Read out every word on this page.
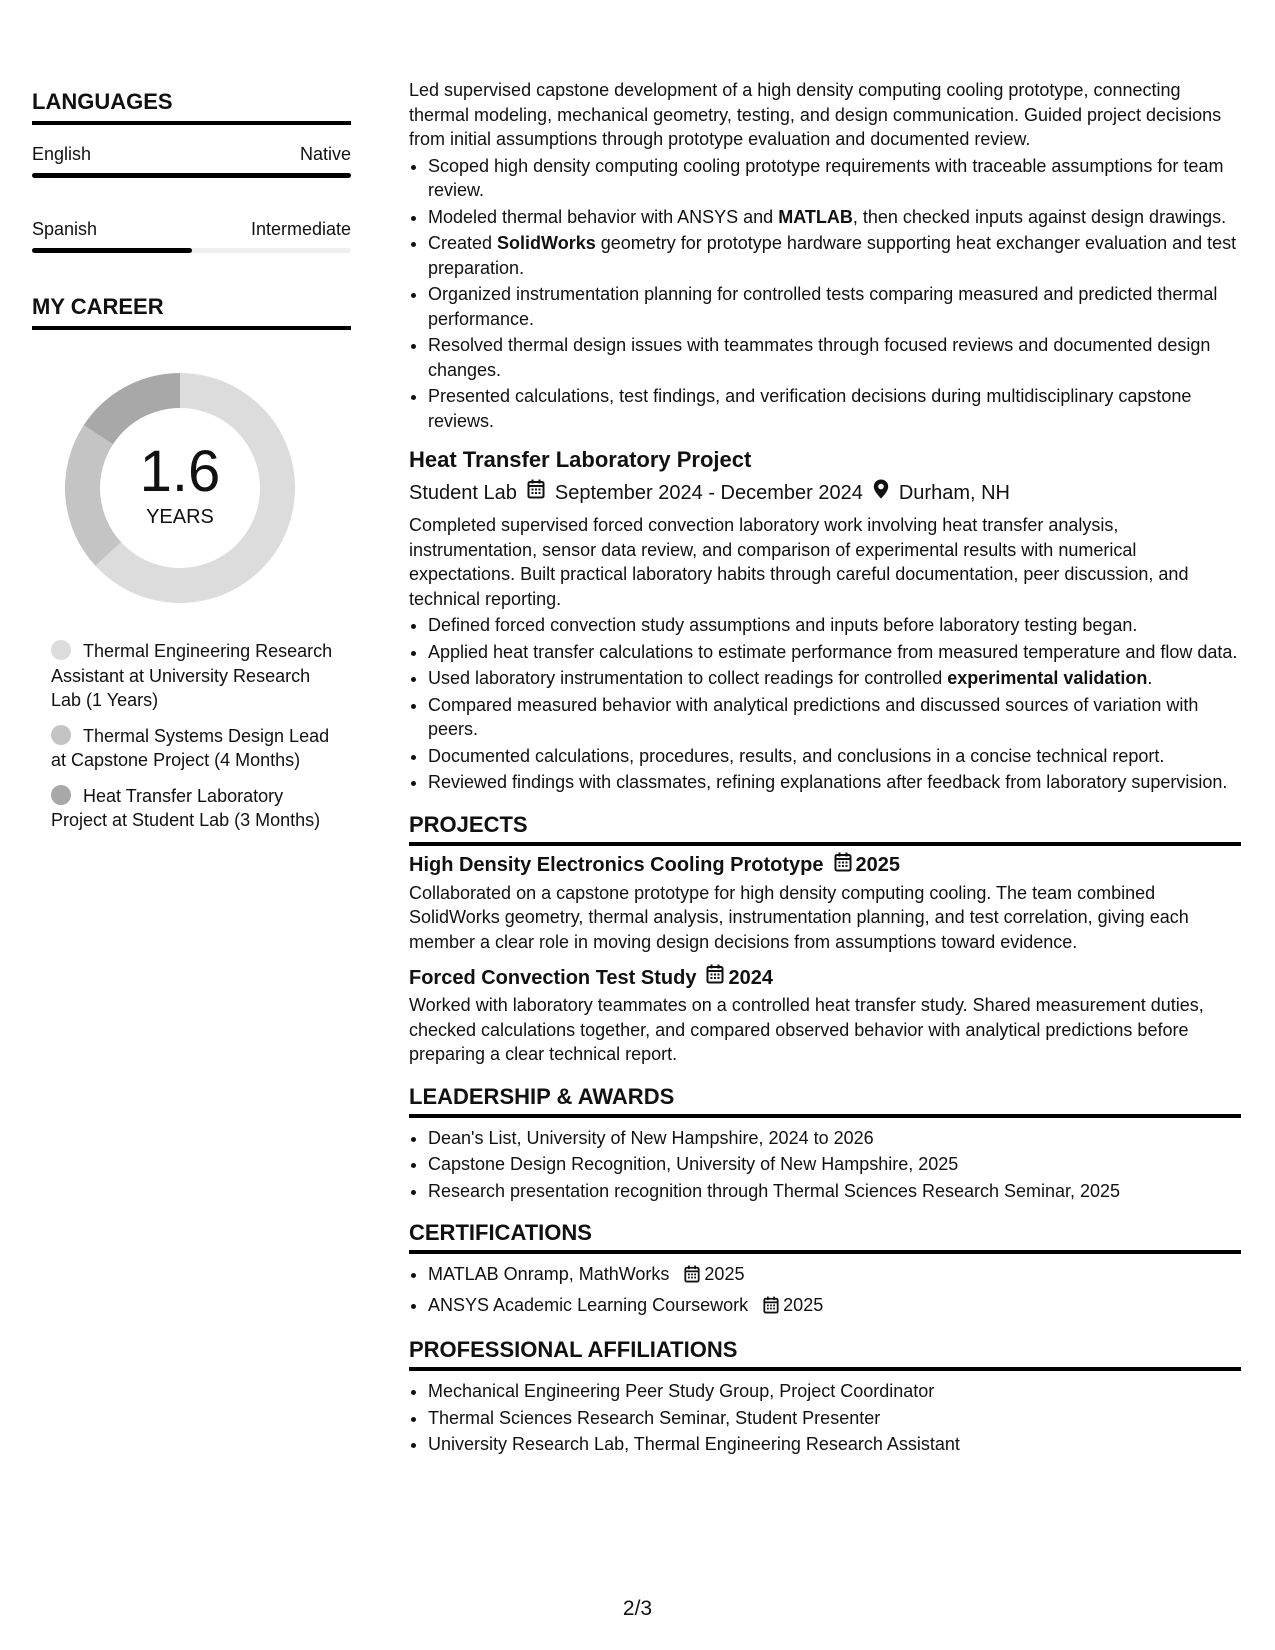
LANGUAGES
English	Native
Spanish	Intermediate
MY CAREER
1.6
YEARS
Thermal Engineering Research Assistant at University Research Lab (1 Years)
Thermal Systems Design Lead at Capstone Project (4 Months)
Heat Transfer Laboratory Project at Student Lab (3 Months)

Led supervised capstone development of a high density computing cooling prototype, connecting thermal modeling, mechanical geometry, testing, and design communication. Guided project decisions from initial assumptions through prototype evaluation and documented review.

• Scoped high density computing cooling prototype requirements with traceable assumptions for team review.
• Modeled thermal behavior with ANSYS and MATLAB, then checked inputs against design drawings.
• Created SolidWorks geometry for prototype hardware supporting heat exchanger evaluation and test preparation.
• Organized instrumentation planning for controlled tests comparing measured and predicted thermal performance.
• Resolved thermal design issues with teammates through focused reviews and documented design changes.
• Presented calculations, test findings, and verification decisions during multidisciplinary capstone reviews.
Heat Transfer Laboratory Project
Student Lab September 2024 - December 2024 Durham, NH

Completed supervised forced convection laboratory work involving heat transfer analysis, instrumentation, sensor data review, and comparison of experimental results with numerical expectations. Built practical laboratory habits through careful documentation, peer discussion, and technical reporting.

• Defined forced convection study assumptions and inputs before laboratory testing began.
• Applied heat transfer calculations to estimate performance from measured temperature and flow data.
• Used laboratory instrumentation to collect readings for controlled experimental validation.
• Compared measured behavior with analytical predictions and discussed sources of variation with peers.
• Documented calculations, procedures, results, and conclusions in a concise technical report.
• Reviewed findings with classmates, refining explanations after feedback from laboratory supervision.
PROJECTS
High Density Electronics Cooling Prototype 2025

Collaborated on a capstone prototype for high density computing cooling. The team combined SolidWorks geometry, thermal analysis, instrumentation planning, and test correlation, giving each member a clear role in moving design decisions from assumptions toward evidence.

Forced Convection Test Study 2024

Worked with laboratory teammates on a controlled heat transfer study. Shared measurement duties, checked calculations together, and compared observed behavior with analytical predictions before preparing a clear technical report.

LEADERSHIP & AWARDS
• Dean's List, University of New Hampshire, 2024 to 2026
• Capstone Design Recognition, University of New Hampshire, 2025
• Research presentation recognition through Thermal Sciences Research Seminar, 2025
CERTIFICATIONS
• MATLAB Onramp, MathWorks 2025
• ANSYS Academic Learning Coursework 2025
PROFESSIONAL AFFILIATIONS
• Mechanical Engineering Peer Study Group, Project Coordinator
• Thermal Sciences Research Seminar, Student Presenter
• University Research Lab, Thermal Engineering Research Assistant
2/3
